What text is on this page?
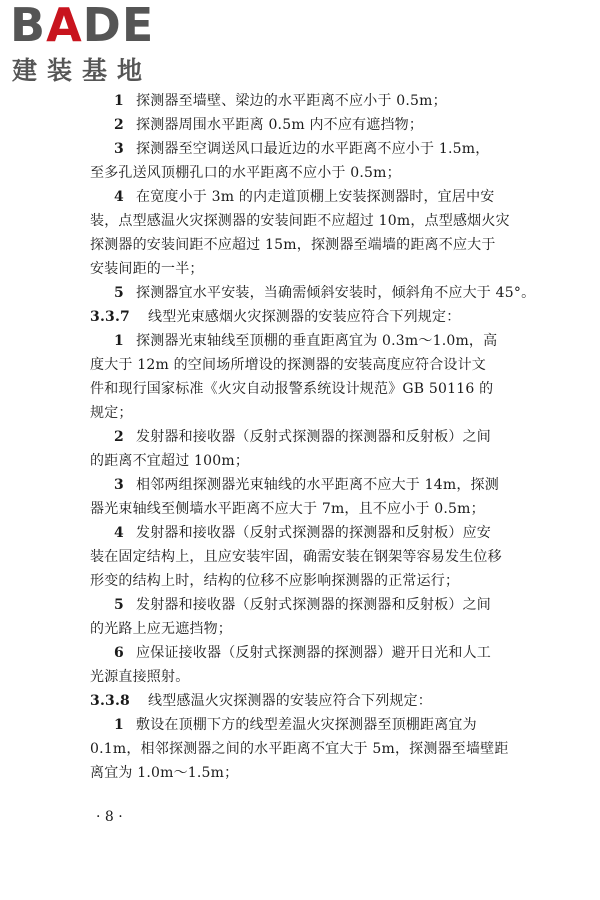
BADE
建装基地
1 探测器至墙壁、梁边的水平距离不应小于 0.5m；
2 探测器周围水平距离 0.5m 内不应有遮挡物；
3 探测器至空调送风口最近边的水平距离不应小于 1.5m，
至多孔送风顶棚孔口的水平距离不应小于 0.5m；
4 在宽度小于 3m 的内走道顶棚上安装探测器时，宜居中安
装，点型感温火灾探测器的安装间距不应超过 10m，点型感烟火灾
探测器的安装间距不应超过 15m，探测器至端墙的距离不应大于
安装间距的一半；
5 探测器宜水平安装，当确需倾斜安装时，倾斜角不应大于 45°。
3.3.7 线型光束感烟火灾探测器的安装应符合下列规定：
1 探测器光束轴线至顶棚的垂直距离宜为 0.3m～1.0m，高
度大于 12m 的空间场所增设的探测器的安装高度应符合设计文
件和现行国家标准《火灾自动报警系统设计规范》GB 50116 的
规定；
2 发射器和接收器（反射式探测器的探测器和反射板）之间
的距离不宜超过 100m；
3 相邻两组探测器光束轴线的水平距离不应大于 14m，探测
器光束轴线至侧墙水平距离不应大于 7m，且不应小于 0.5m；
4 发射器和接收器（反射式探测器的探测器和反射板）应安
装在固定结构上，且应安装牢固，确需安装在钢架等容易发生位移
形变的结构上时，结构的位移不应影响探测器的正常运行；
5 发射器和接收器（反射式探测器的探测器和反射板）之间
的光路上应无遮挡物；
6 应保证接收器（反射式探测器的探测器）避开日光和人工
光源直接照射。
3.3.8 线型感温火灾探测器的安装应符合下列规定：
1 敷设在顶棚下方的线型差温火灾探测器至顶棚距离宜为
0.1m，相邻探测器之间的水平距离不宜大于 5m，探测器至墙壁距
离宜为 1.0m～1.5m；
· 8 ·
